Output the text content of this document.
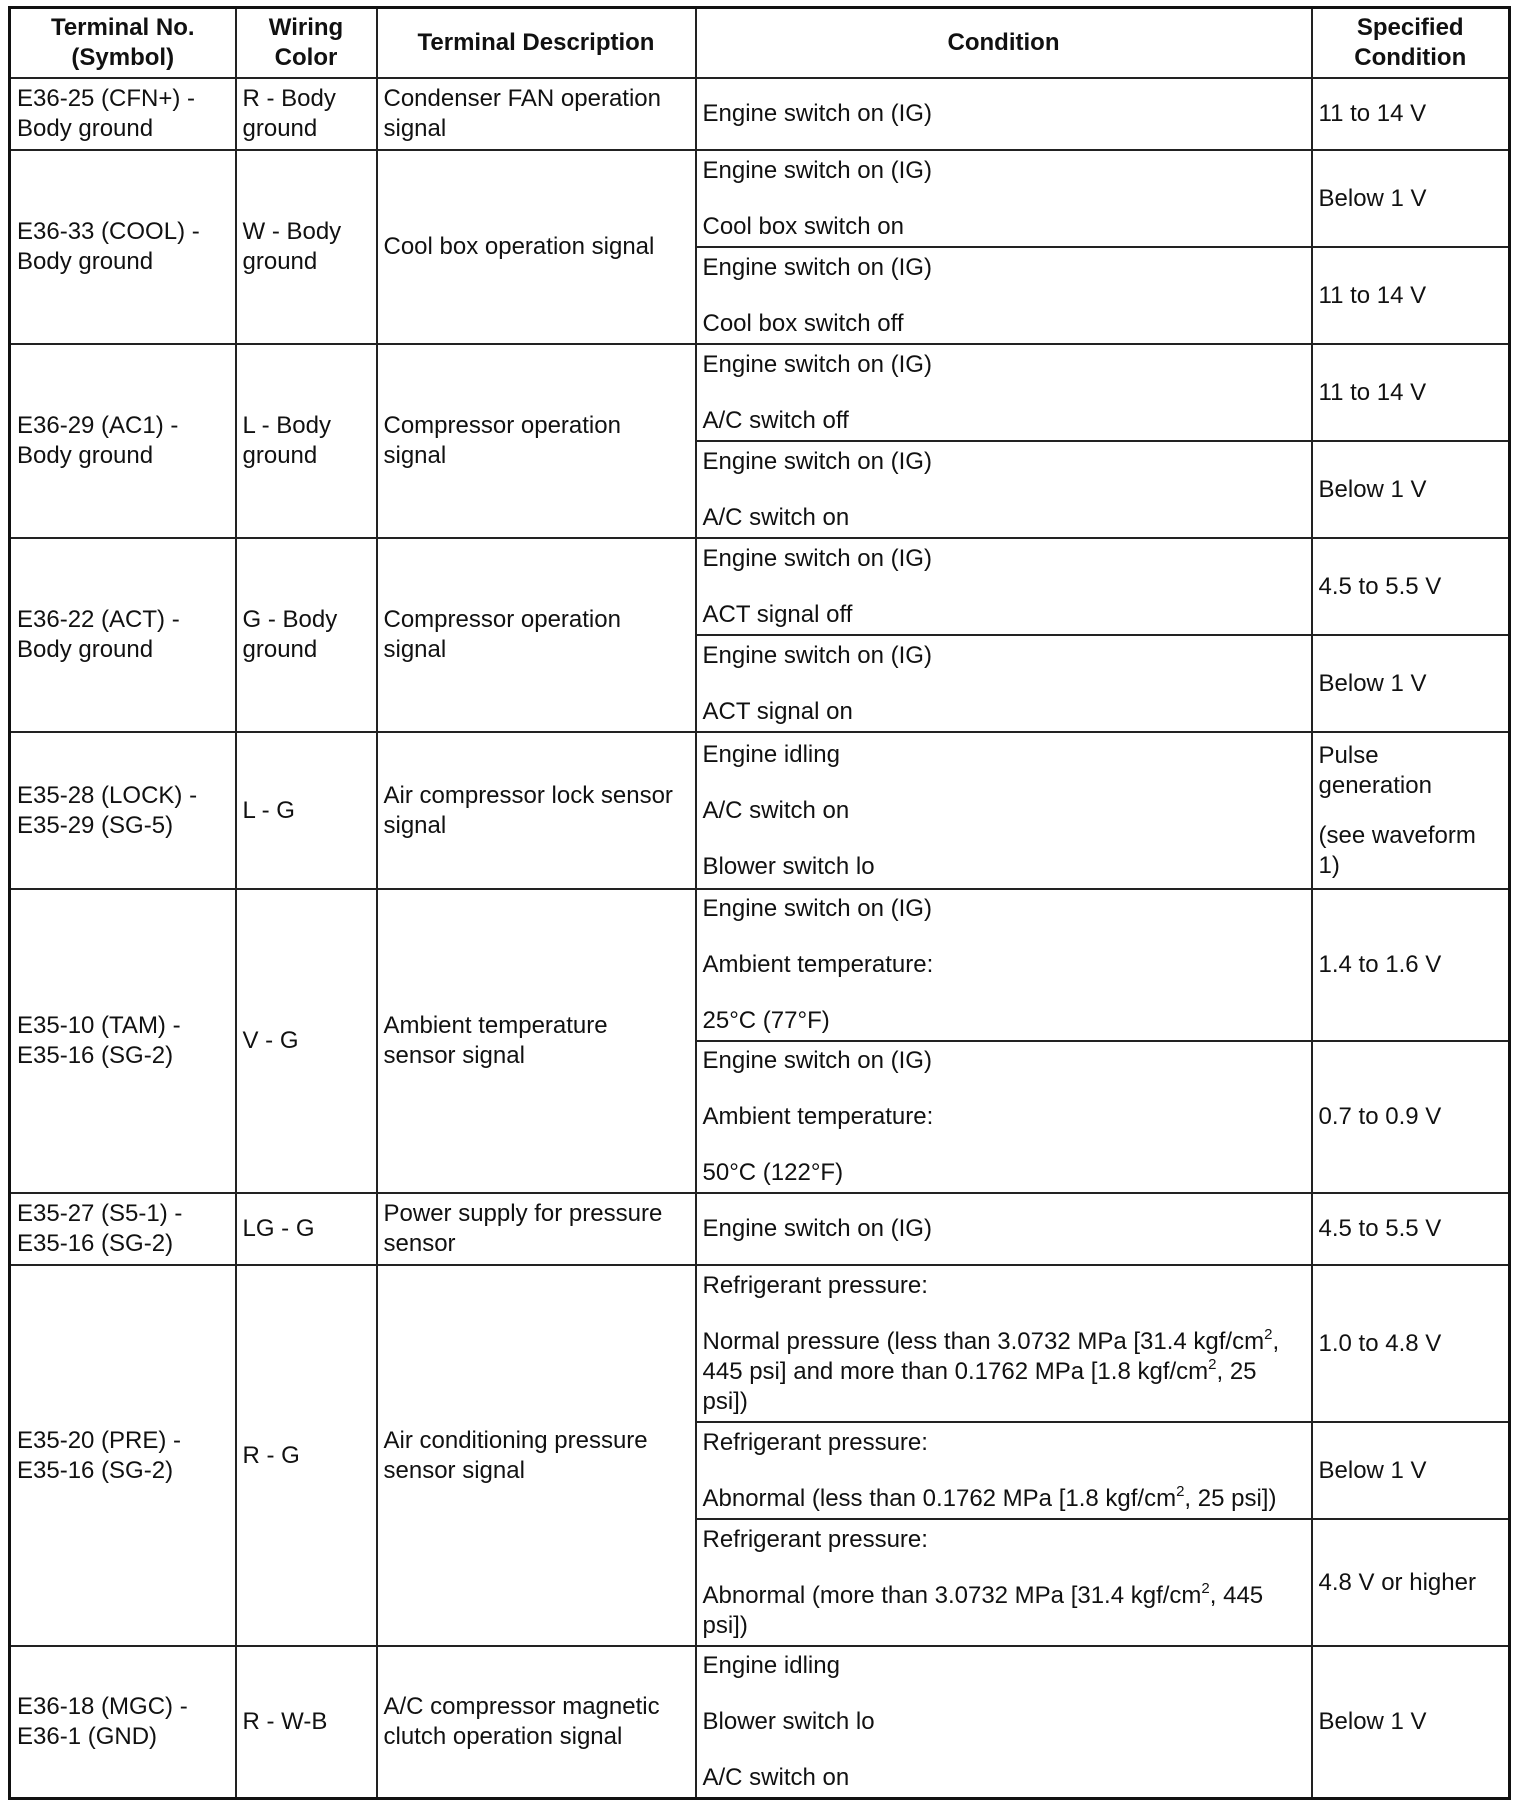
Terminal No.
(Symbol)	Wiring
Color	Terminal Description	Condition	Specified
Condition

E36-25 (CFN+) -
Body ground	R - Body
ground	Condenser FAN operation
signal	Engine switch on (IG)	11 to 14 V

E36-33 (COOL) -
Body ground	W - Body
ground	Cool box operation signal	Engine switch on (IG)
Cool box switch on	Below 1 V

			Engine switch on (IG)
Cool box switch off	11 to 14 V

E36-29 (AC1) -
Body ground	L - Body
ground	Compressor operation
signal	Engine switch on (IG)
A/C switch off	11 to 14 V

			Engine switch on (IG)
A/C switch on	Below 1 V

E36-22 (ACT) -
Body ground	G - Body
ground	Compressor operation
signal	Engine switch on (IG)
ACT signal off	4.5 to 5.5 V

			Engine switch on (IG)
ACT signal on	Below 1 V

E35-28 (LOCK) -
E35-29 (SG-5)	L - G	Air compressor lock sensor
signal	Engine idling
A/C switch on
Blower switch lo	Pulse
generation
(see waveform
1)

E35-10 (TAM) -
E35-16 (SG-2)	V - G	Ambient temperature
sensor signal	Engine switch on (IG)
Ambient temperature:
25°C (77°F)	1.4 to 1.6 V

			Engine switch on (IG)
Ambient temperature:
50°C (122°F)	0.7 to 0.9 V

E35-27 (S5-1) -
E35-16 (SG-2)	LG - G	Power supply for pressure
sensor	Engine switch on (IG)	4.5 to 5.5 V

E35-20 (PRE) -
E35-16 (SG-2)	R - G	Air conditioning pressure
sensor signal	Refrigerant pressure:
Normal pressure (less than 3.0732 MPa [31.4 kgf/$cm^2$,
445 psi] and more than 0.1762 MPa [1.8 kgf/$cm^2$, 25
psi])	1.0 to 4.8 V

			Refrigerant pressure:
Abnormal (less than 0.1762 MPa [1.8 kgf/$cm^2$, 25 psi])	Below 1 V

			Refrigerant pressure:
Abnormal (more than 3.0732 MPa [31.4 kgf/$cm^2$, 445
psi])	4.8 V or higher

E36-18 (MGC) -
E36-1 (GND)	R - W-B	A/C compressor magnetic
clutch operation signal	Engine idling
Blower switch lo
A/C switch on	Below 1 V
